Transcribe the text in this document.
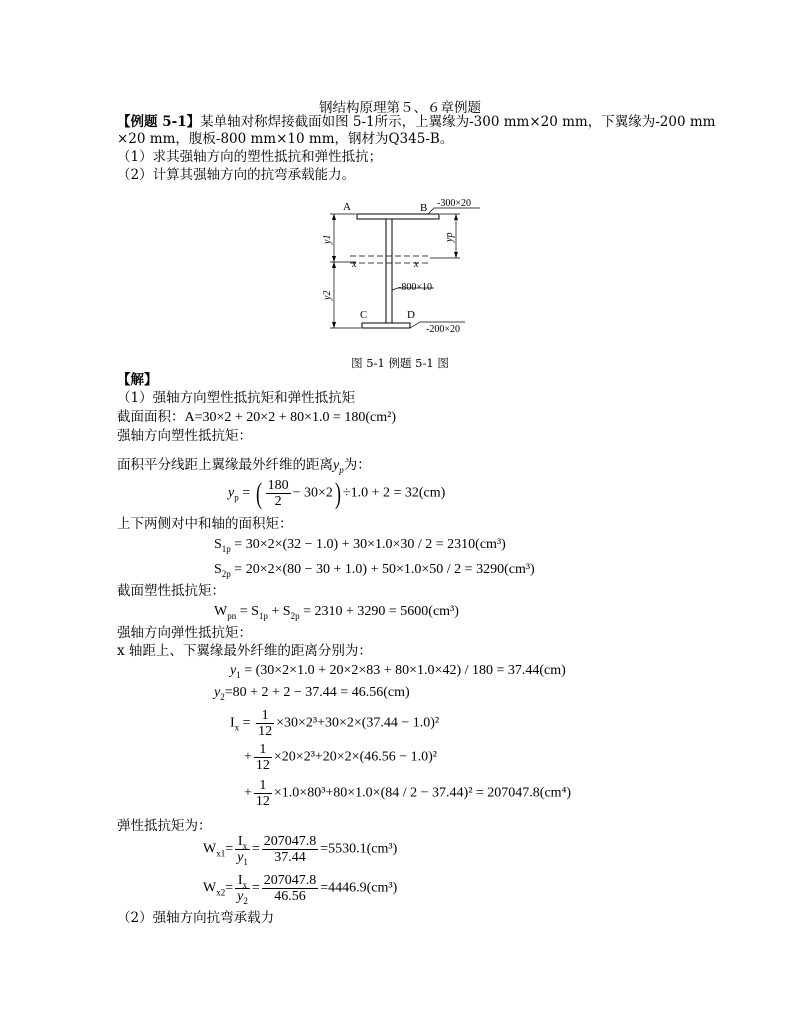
钢结构原理第５、６章例题
【例题 5-1】某单轴对称焊接截面如图 5-1所示，上翼缘为-300 mm×20 mm，下翼缘为-200 mm
×20 mm，腹板-800 mm×10 mm，钢材为Q345-B。
（1）求其强轴方向的塑性抵抗和弹性抵抗；
（2）计算其强轴方向的抗弯承载能力。
A	B
C	D
-300×20
-800×10
-200×20
x	x
y1
y2
yp
图 5-1 例题 5-1 图
【解】
（1）强轴方向塑性抵抗矩和弹性抵抗矩
截面面积：A=30×2 + 20×2 + 80×1.0 = 180(cm²)
强轴方向塑性抵抗矩：
面积平分线距上翼缘最外纤维的距离$y_p$为：
$y_p$ = ( $\frac{180}{2} - 30\times 2) \div 1.0 + 2 = 32(cm)$
上下两侧对中和轴的面积矩：
$S_{1p} = 30\times 2\times(32 - 1.0) + 30\times 1.0\times 30 / 2 = 2310(cm^3)$
$S_{2p} = 20\times 2\times(80 - 30 + 1.0) + 50\times 1.0\times 50 / 2 = 3290(cm^3)$
截面塑性抵抗矩：
$W_{pn} = S_{1p} + S_{2p} = 2310 + 3290 = 5600(cm^3)$
强轴方向弹性抵抗矩：
x 轴距上、下翼缘最外纤维的距离分别为：
$y_1 = (30\times 2\times 1.0 + 20\times 2\times 83 + 80\times 1.0\times 42) / 180 = 37.44(cm)$
$y_2=80 + 2 + 2 - 37.44 = 46.56(cm)$
$I_x = \frac{1}{12} \times 30\times 2^3+30\times 2\times(37.44 - 1.0)^2$
+ $\frac{1}{12} \times 20\times 2^3+20\times 2\times(46.56 - 1.0)^2$
+ $\frac{1}{12} \times 1.0\times 80^3+80\times 1.0\times(84 / 2 - 37.44)^2 = 207047.8(cm^4)$
弹性抵抗矩为：
$W_{x1}= \frac{I_x}{y_1} = \frac{207047.8}{37.44} =5530.1(cm^3)$
$W_{x2}= \frac{I_x}{y_2} = \frac{207047.8}{46.56} =4446.9(cm^3)$
（2）强轴方向抗弯承载力
